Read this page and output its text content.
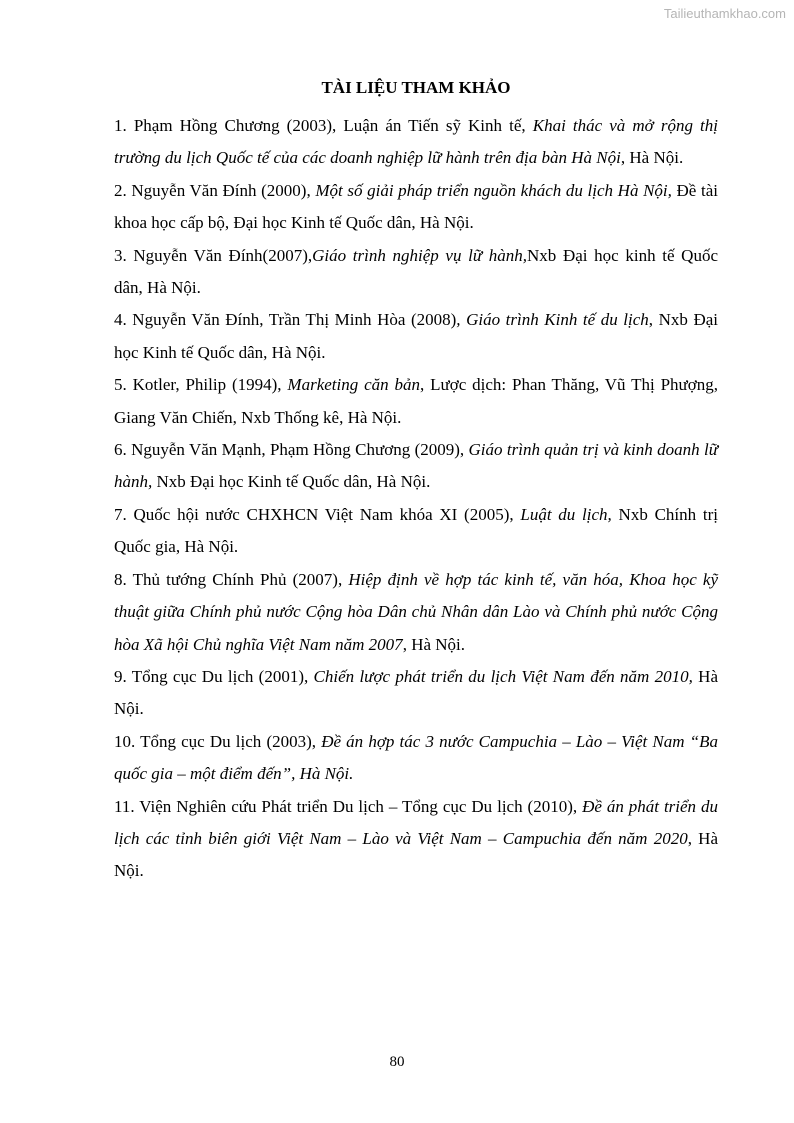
Tailieuthamkhao.com
TÀI LIỆU THAM KHẢO

1. Phạm Hồng Chương (2003), Luận án Tiến sỹ Kinh tế, Khai thác và mở rộng thị trường du lịch Quốc tế của các doanh nghiệp lữ hành trên địa bàn Hà Nội, Hà Nội.

2. Nguyễn Văn Đính (2000), Một số giải pháp triển nguồn khách du lịch Hà Nội, Đề tài khoa học cấp bộ, Đại học Kinh tế Quốc dân, Hà Nội.

3. Nguyễn Văn Đính(2007),Giáo trình nghiệp vụ lữ hành,Nxb Đại học kinh tế Quốc dân, Hà Nội.

4. Nguyễn Văn Đính, Trần Thị Minh Hòa (2008), Giáo trình Kinh tế du lịch, Nxb Đại học Kinh tế Quốc dân, Hà Nội.

5. Kotler, Philip (1994), Marketing căn bản, Lược dịch: Phan Thăng, Vũ Thị Phượng, Giang Văn Chiến, Nxb Thống kê, Hà Nội.

6. Nguyễn Văn Mạnh, Phạm Hồng Chương (2009), Giáo trình quản trị và kinh doanh lữ hành, Nxb Đại học Kinh tế Quốc dân, Hà Nội.

7. Quốc hội nước CHXHCN Việt Nam khóa XI (2005), Luật du lịch, Nxb Chính trị Quốc gia, Hà Nội.

8. Thủ tướng Chính Phủ (2007), Hiệp định về hợp tác kinh tế, văn hóa, Khoa học kỹ thuật giữa Chính phủ nước Cộng hòa Dân chủ Nhân dân Lào và Chính phủ nước Cộng hòa Xã hội Chủ nghĩa Việt Nam năm 2007, Hà Nội.

9. Tổng cục Du lịch (2001), Chiến lược phát triển du lịch Việt Nam đến năm 2010, Hà Nội.

10. Tổng cục Du lịch (2003), Đề án hợp tác 3 nước Campuchia – Lào – Việt Nam “Ba quốc gia – một điểm đến”, Hà Nội.

11. Viện Nghiên cứu Phát triển Du lịch – Tổng cục Du lịch (2010), Đề án phát triển du lịch các tỉnh biên giới Việt Nam – Lào và Việt Nam – Campuchia đến năm 2020, Hà Nội.

80
